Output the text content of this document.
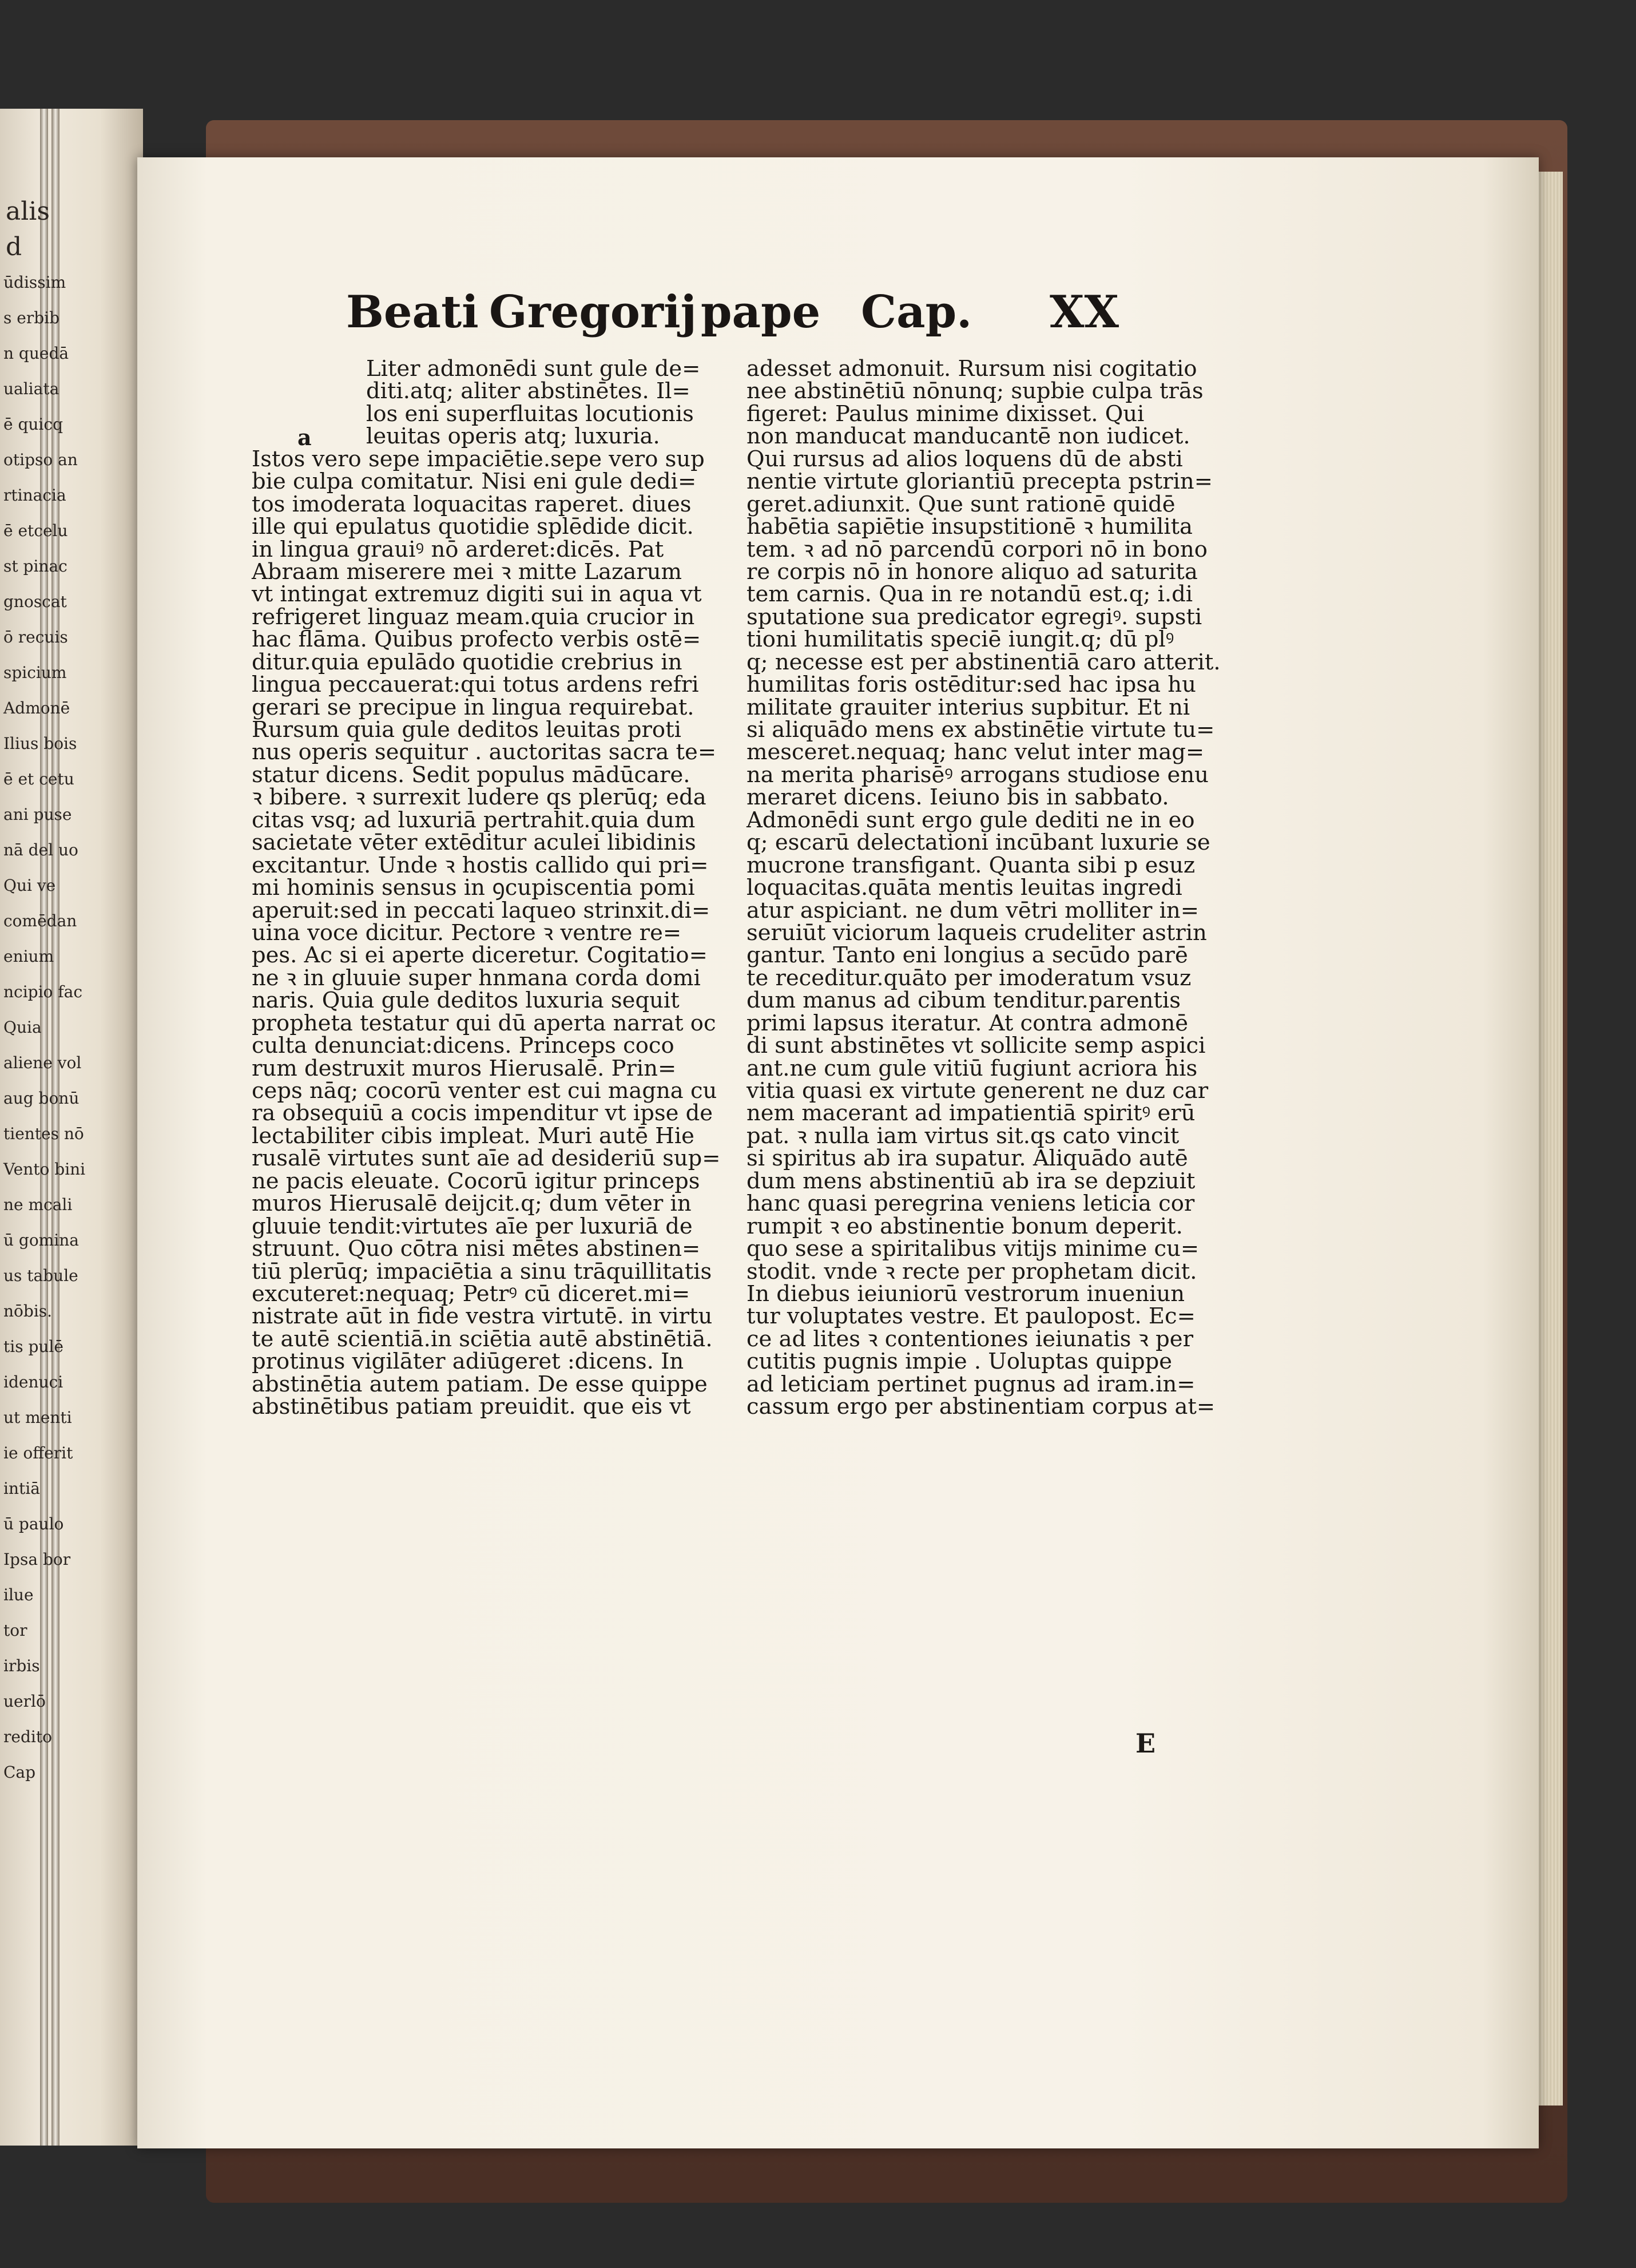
alis
d
ūdissim
s erbib
n quedā
ualiata
ē quicq
otipso an
rtinacia
ē etcelu
st pinac
gnoscat
ō recuis
spicium
Admonē
Ilius bois
ē et cetu
ani puse
nā del uo
Qui ve
comēdan
enium
ncipio fac
Quia
aliene vol
aug bonū
tientes nō
Vento bini
ne mcali
ū gomina
us tabule
nōbis.
tis pulē
idenuci
ut menti
ie offerit
intiā
ū paulo
Ipsa bor
ilue
tor
irbis
uerlō
redito
Cap
Beati Gregorij pape Cap. XX
a
Liter admonēdi sunt gule de=
diti.atq; aliter abstinētes. Il=
los eni superfluitas locutionis
leuitas operis atq; luxuria.
Istos vero sepe impaciētie.sepe vero sup
bie culpa comitatur. Nisi eni gule dedi=
tos imoderata loquacitas raperet. diues
ille qui epulatus quotidie splēdide dicit.
in lingua grauiꝰ nō arderet:dicēs. Pat
Abraam miserere mei ꝛ mitte Lazarum
vt intingat extremuz digiti sui in aqua vt
refrigeret linguaz meam.quia crucior in
hac flāma. Quibus profecto verbis ostē=
ditur.quia epulādo quotidie crebrius in
lingua peccauerat:qui totus ardens refri
gerari se precipue in lingua requirebat.
Rursum quia gule deditos leuitas proti
nus operis sequitur . auctoritas sacra te=
statur dicens. Sedit populus mādūcare.
ꝛ bibere. ꝛ surrexit ludere qs plerūq; eda
citas vsq; ad luxuriā pertrahit.quia dum
sacietate vēter extēditur aculei libidinis
excitantur. Unde ꝛ hostis callido qui pri=
mi hominis sensus in ꝯcupiscentia pomi
aperuit:sed in peccati laqueo strinxit.di=
uina voce dicitur. Pectore ꝛ ventre re=
pes. Ac si ei aperte diceretur. Cogitatio=
ne ꝛ in gluuie super hnmana corda domi
naris. Quia gule deditos luxuria sequit
propheta testatur qui dū aperta narrat oc
culta denunciat:dicens. Princeps coco
rum destruxit muros Hierusalē. Prin=
ceps nāq; cocorū venter est cui magna cu
ra obsequiū a cocis impenditur vt ipse de
lectabiliter cibis impleat. Muri autē Hie
rusalē virtutes sunt aīe ad desideriū sup=
ne pacis eleuate. Cocorū igitur princeps
muros Hierusalē deijcit.q; dum vēter in
gluuie tendit:virtutes aīe per luxuriā de
struunt. Quo cōtra nisi mētes abstinen=
tiū plerūq; impaciētia a sinu trāquillitatis
excuteret:nequaq; Petrꝰ cū diceret.mi=
nistrate aūt in fide vestra virtutē. in virtu
te autē scientiā.in sciētia autē abstinētiā.
protinus vigilāter adiūgeret :dicens. In
abstinētia autem patiam. De esse quippe
abstinētibus patiam preuidit. que eis vt
adesset admonuit. Rursum nisi cogitatio
nee abstinētiū nōnunq; supbie culpa trās
figeret: Paulus minime dixisset. Qui
non manducat manducantē non iudicet.
Qui rursus ad alios loquens dū de absti
nentie virtute gloriantiū precepta pstrin=
geret.adiunxit. Que sunt rationē quidē
habētia sapiētie insupstitionē ꝛ humilita
tem. ꝛ ad nō parcendū corpori nō in bono
re corpis nō in honore aliquo ad saturita
tem carnis. Qua in re notandū est.q; i.di
sputatione sua predicator egregiꝰ. supsti
tioni humilitatis speciē iungit.q; dū plꝰ
q; necesse est per abstinentiā caro atterit.
humilitas foris ostēditur:sed hac ipsa hu
militate grauiter interius supbitur. Et ni
si aliquādo mens ex abstinētie virtute tu=
mesceret.nequaq; hanc velut inter mag=
na merita pharisēꝰ arrogans studiose enu
meraret dicens. Ieiuno bis in sabbato.
Admonēdi sunt ergo gule dediti ne in eo
q; escarū delectationi incūbant luxurie se
mucrone transfigant. Quanta sibi p esuz
loquacitas.quāta mentis leuitas ingredi
atur aspiciant. ne dum vētri molliter in=
seruiūt viciorum laqueis crudeliter astrin
gantur. Tanto eni longius a secūdo parē
te receditur.quāto per imoderatum vsuz
dum manus ad cibum tenditur.parentis
primi lapsus iteratur. At contra admonē
di sunt abstinētes vt sollicite semp aspici
ant.ne cum gule vitiū fugiunt acriora his
vitia quasi ex virtute generent ne duz car
nem macerant ad impatientiā spiritꝰ erū
pat. ꝛ nulla iam virtus sit.qs cato vincit
si spiritus ab ira supatur. Aliquādo autē
dum mens abstinentiū ab ira se depziuit
hanc quasi peregrina veniens leticia cor
rumpit ꝛ eo abstinentie bonum deperit.
quo sese a spiritalibus vitijs minime cu=
stodit. vnde ꝛ recte per prophetam dicit.
In diebus ieiuniorū vestrorum inueniun
tur voluptates vestre. Et paulopost. Ec=
ce ad lites ꝛ contentiones ieiunatis ꝛ per
cutitis pugnis impie . Uoluptas quippe
ad leticiam pertinet pugnus ad iram.in=
cassum ergo per abstinentiam corpus at=
E
